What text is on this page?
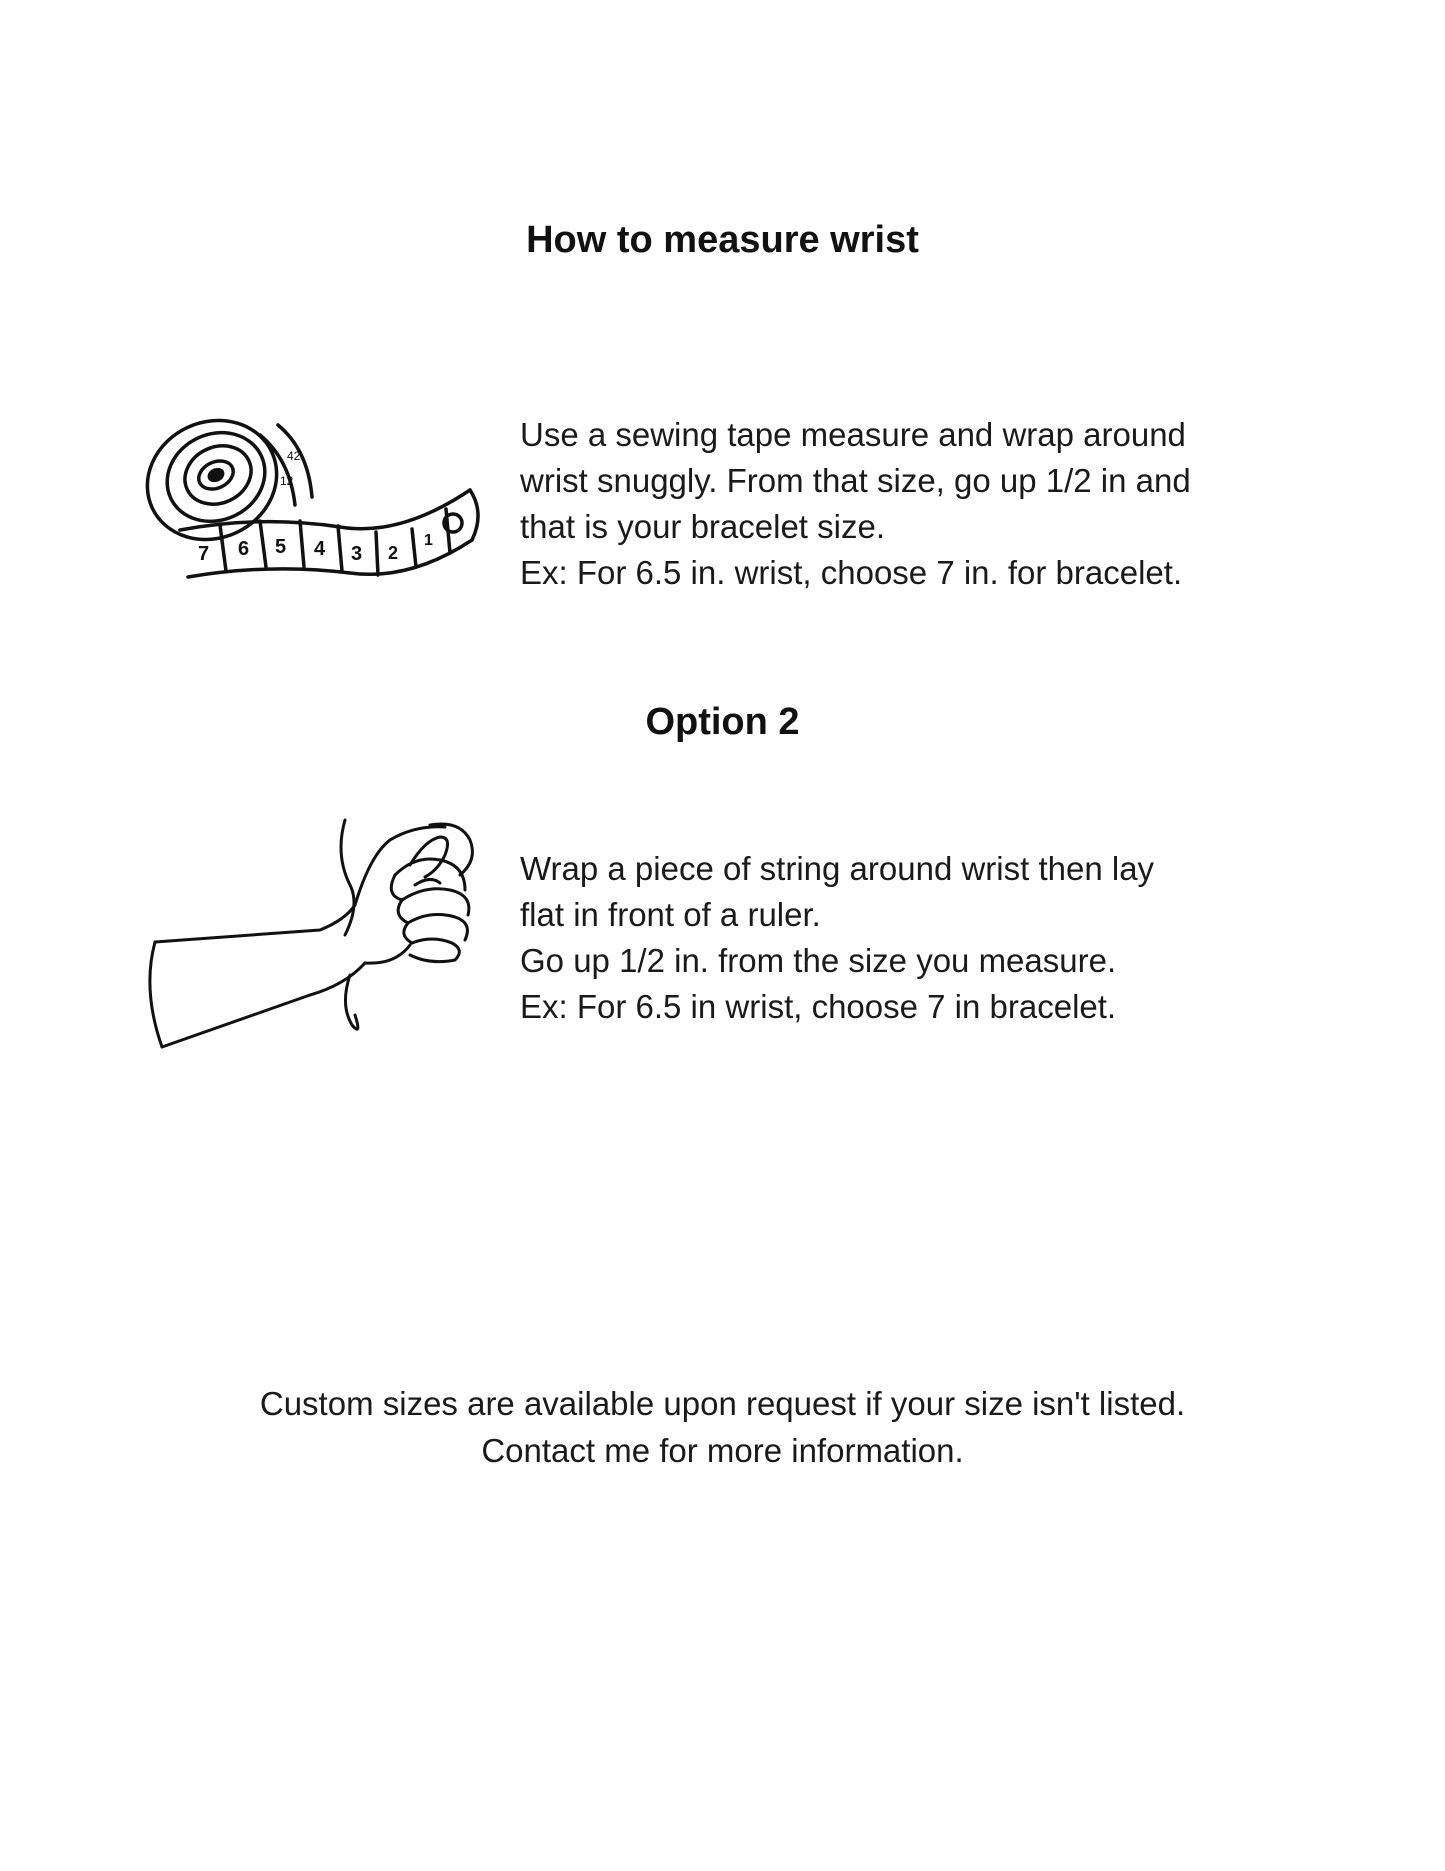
How to measure wrist
7 6 5 4 3 2
1
12
42
Use a sewing tape measure and wrap around
wrist snuggly. From that size, go up 1/2 in and
that is your bracelet size.
Ex: For 6.5 in. wrist, choose 7 in. for bracelet.
Option 2
Wrap a piece of string around wrist then lay
flat in front of a ruler.
Go up 1/2 in. from the size you measure.
Ex: For 6.5 in wrist, choose 7 in bracelet.
Custom sizes are available upon request if your size isn't listed.
Contact me for more information.
